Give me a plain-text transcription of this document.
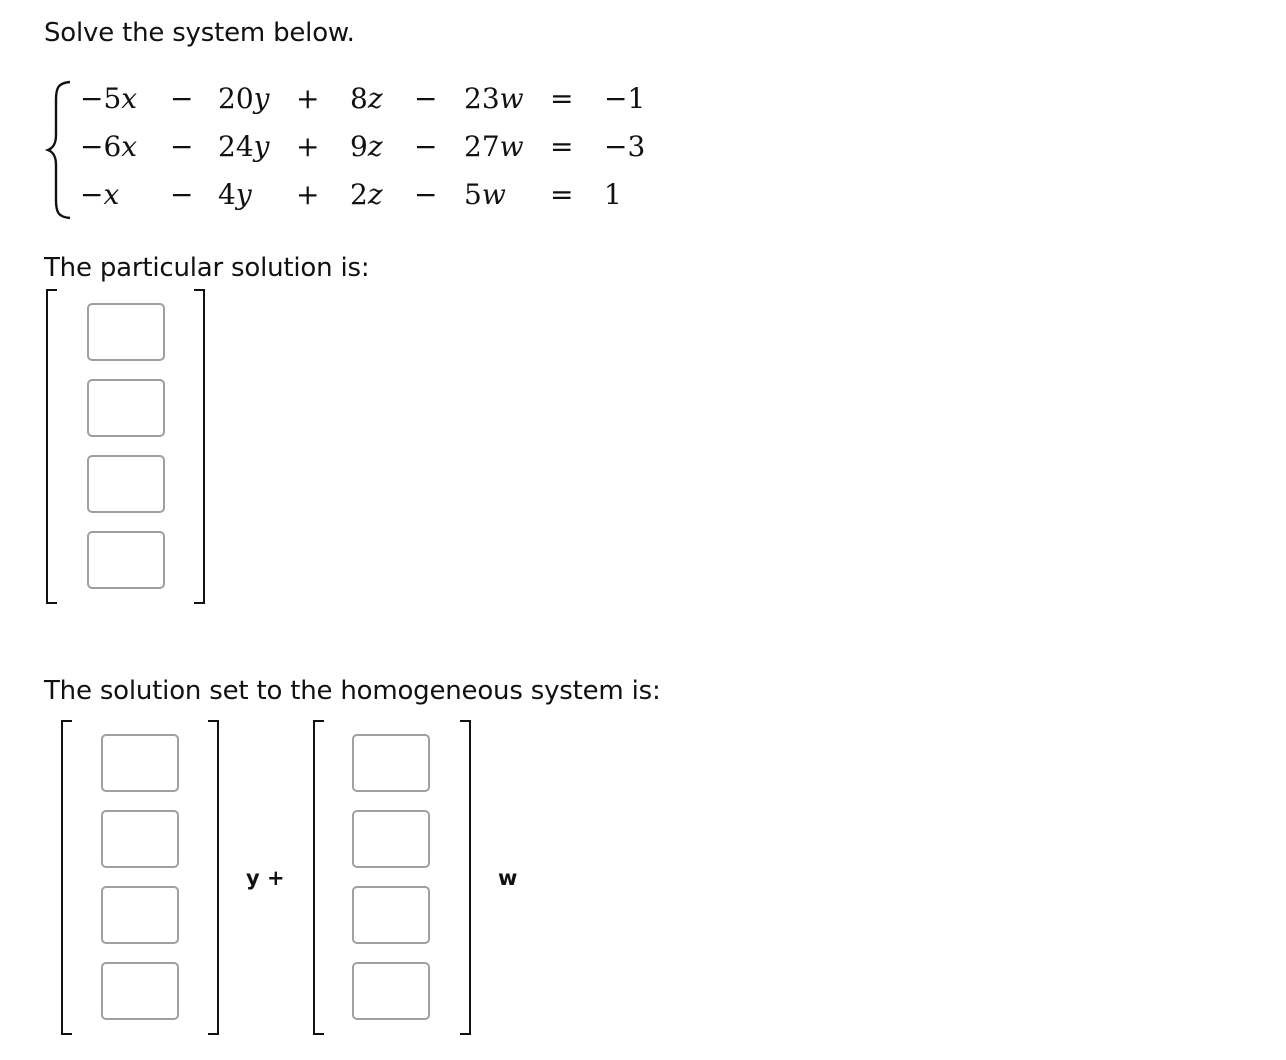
Solve the system below.
−5x − 20y + 8z − 23w = −1
−6x − 24y + 9z − 27w = −3
−x − 4y + 2z − 5w = 1
The particular solution is:
The solution set to the homogeneous system is:
y +	w
